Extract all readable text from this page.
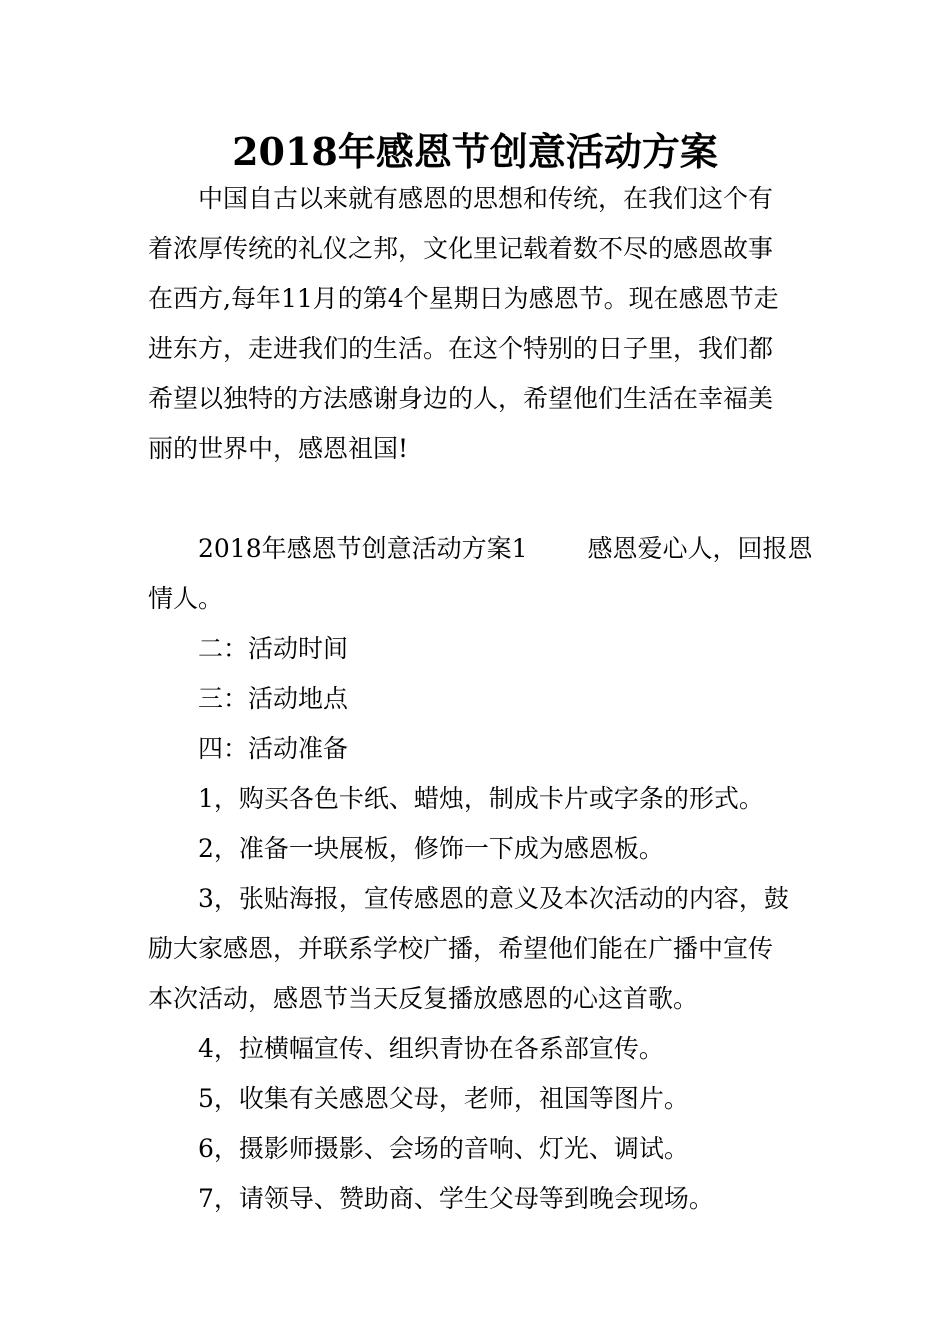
2018年感恩节创意活动方案
中国自古以来就有感恩的思想和传统，在我们这个有
着浓厚传统的礼仪之邦，文化里记载着数不尽的感恩故事
在西方,每年11月的第4个星期日为感恩节。现在感恩节走
进东方，走进我们的生活。在这个特别的日子里，我们都
希望以独特的方法感谢身边的人，希望他们生活在幸福美
丽的世界中，感恩祖国!
2018年感恩节创意活动方案1 感恩爱心人，回报恩
情人。
二：活动时间
三：活动地点
四：活动准备
1，购买各色卡纸、蜡烛，制成卡片或字条的形式。
2，准备一块展板，修饰一下成为感恩板。
3，张贴海报，宣传感恩的意义及本次活动的内容，鼓
励大家感恩，并联系学校广播，希望他们能在广播中宣传
本次活动，感恩节当天反复播放感恩的心这首歌。
4，拉横幅宣传、组织青协在各系部宣传。
5，收集有关感恩父母，老师，祖国等图片。
6，摄影师摄影、会场的音响、灯光、调试。
7，请领导、赞助商、学生父母等到晚会现场。
